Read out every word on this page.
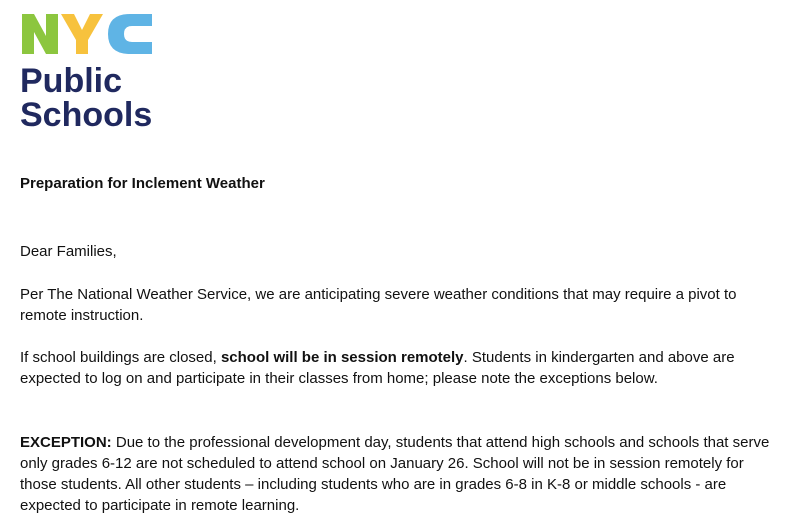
Public
Schools
Preparation for Inclement Weather

Dear Families,

Per The National Weather Service, we are anticipating severe weather conditions that may require a pivot to remote instruction.

If school buildings are closed, school will be in session remotely. Students in kindergarten and above are expected to log on and participate in their classes from home; please note the exceptions below.

EXCEPTION: Due to the professional development day, students that attend high schools and schools that serve only grades 6-12 are not scheduled to attend school on January 26. School will not be in session remotely for those students. All other students – including students who are in grades 6-8 in K-8 or middle schools - are expected to participate in remote learning.
